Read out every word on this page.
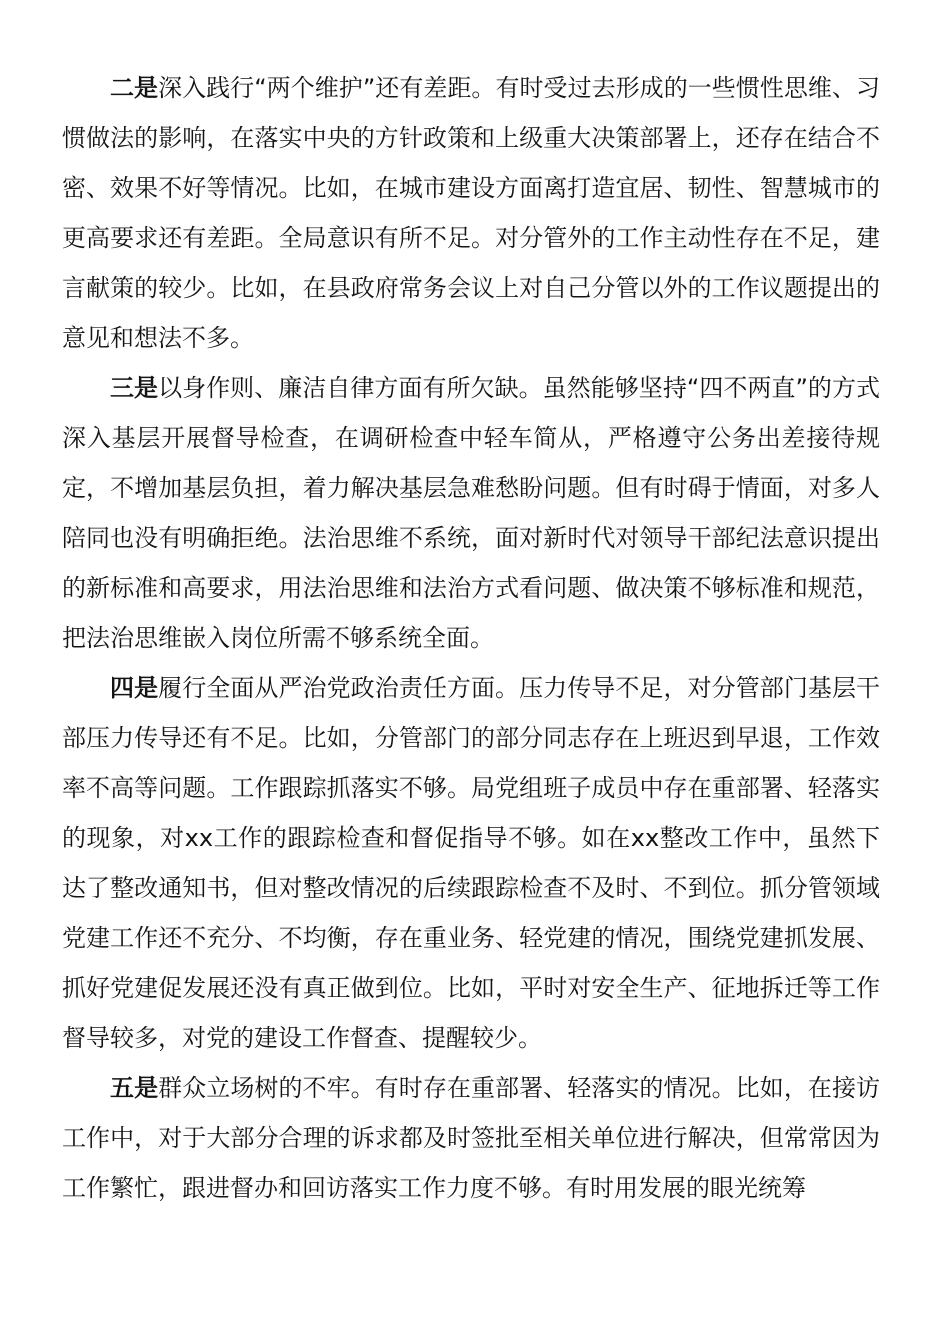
二是深入践行“两个维护”还有差距。有时受过去形成的一些惯性思维、习惯做法的影响，在落实中央的方针政策和上级重大决策部署上，还存在结合不密、效果不好等情况。比如，在城市建设方面离打造宜居、韧性、智慧城市的更高要求还有差距。全局意识有所不足。对分管外的工作主动性存在不足，建言献策的较少。比如，在县政府常务会议上对自己分管以外的工作议题提出的意见和想法不多。

三是以身作则、廉洁自律方面有所欠缺。虽然能够坚持“四不两直”的方式深入基层开展督导检查，在调研检查中轻车简从，严格遵守公务出差接待规定，不增加基层负担，着力解决基层急难愁盼问题。但有时碍于情面，对多人陪同也没有明确拒绝。法治思维不系统，面对新时代对领导干部纪法意识提出的新标准和高要求，用法治思维和法治方式看问题、做决策不够标准和规范，把法治思维嵌入岗位所需不够系统全面。

四是履行全面从严治党政治责任方面。压力传导不足，对分管部门基层干部压力传导还有不足。比如，分管部门的部分同志存在上班迟到早退，工作效率不高等问题。工作跟踪抓落实不够。局党组班子成员中存在重部署、轻落实的现象，对xx工作的跟踪检查和督促指导不够。如在xx整改工作中，虽然下达了整改通知书，但对整改情况的后续跟踪检查不及时、不到位。抓分管领域党建工作还不充分、不均衡，存在重业务、轻党建的情况，围绕党建抓发展、抓好党建促发展还没有真正做到位。比如，平时对安全生产、征地拆迁等工作督导较多，对党的建设工作督查、提醒较少。

五是群众立场树的不牢。有时存在重部署、轻落实的情况。比如，在接访工作中，对于大部分合理的诉求都及时签批至相关单位进行解决，但常常因为工作繁忙，跟进督办和回访落实工作力度不够。有时用发展的眼光统筹
